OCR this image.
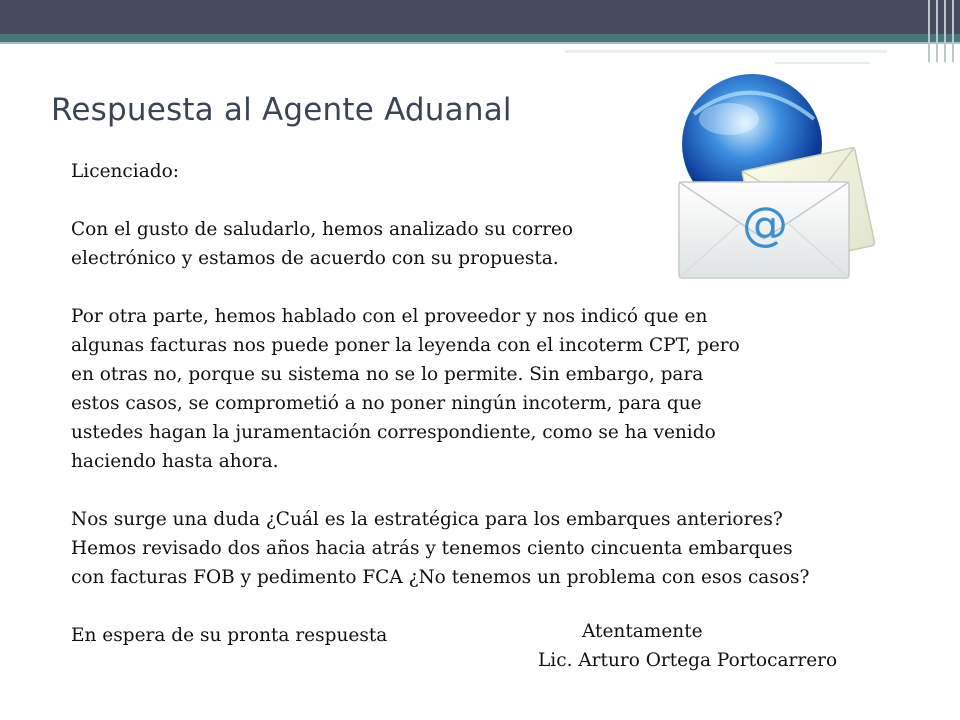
Respuesta al Agente Aduanal
@

Licenciado:

Con el gusto de saludarlo, hemos analizado su correo

electrónico y estamos de acuerdo con su propuesta.

Por otra parte, hemos hablado con el proveedor y nos indicó que en

algunas facturas nos puede poner la leyenda con el incoterm CPT, pero

en otras no, porque su sistema no se lo permite. Sin embargo, para

estos casos, se comprometió a no poner ningún incoterm, para que

ustedes hagan la juramentación correspondiente, como se ha venido

haciendo hasta ahora.

Nos surge una duda ¿Cuál es la estratégica para los embarques anteriores?

Hemos revisado dos años hacia atrás y tenemos ciento cincuenta embarques

con facturas FOB y pedimento FCA ¿No tenemos un problema con esos casos?

En espera de su pronta respuesta	Atentamente
Lic. Arturo Ortega Portocarrero
